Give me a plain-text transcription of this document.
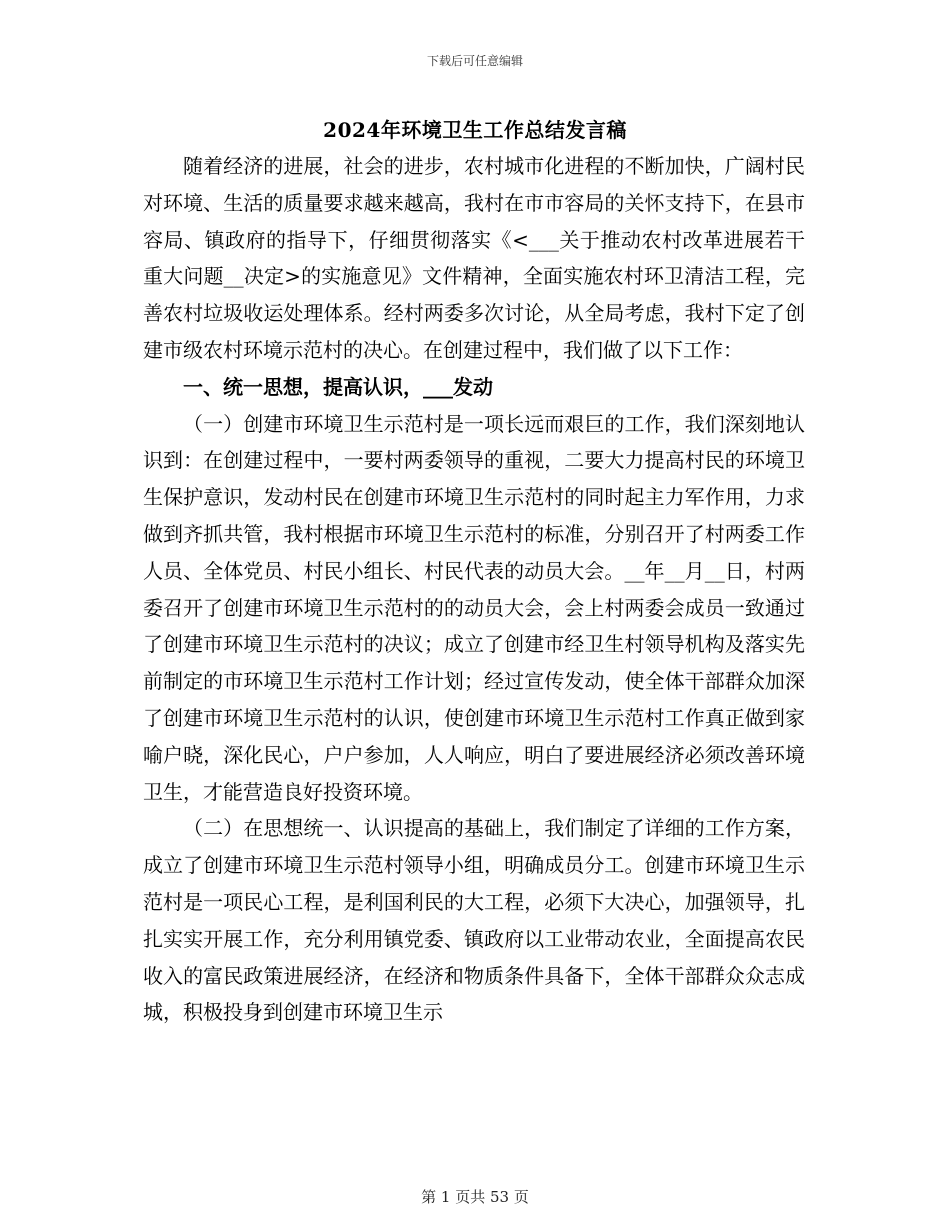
下载后可任意编辑
2024年环境卫生工作总结发言稿

随着经济的进展，社会的进步，农村城市化进程的不断加快，广阔村民对环境、生活的质量要求越来越高，我村在市市容局的关怀支持下，在县市容局、镇政府的指导下，仔细贯彻落实《<___关于推动农村改革进展若干重大问题__决定>的实施意见》文件精神，全面实施农村环卫清洁工程，完善农村垃圾收运处理体系。经村两委多次讨论，从全局考虑，我村下定了创建市级农村环境示范村的决心。在创建过程中，我们做了以下工作：

一、统一思想，提高认识，___发动

（一）创建市环境卫生示范村是一项长远而艰巨的工作，我们深刻地认识到：在创建过程中，一要村两委领导的重视，二要大力提高村民的环境卫生保护意识，发动村民在创建市环境卫生示范村的同时起主力军作用，力求做到齐抓共管，我村根据市环境卫生示范村的标准，分别召开了村两委工作人员、全体党员、村民小组长、村民代表的动员大会。__年__月__日，村两委召开了创建市环境卫生示范村的的动员大会，会上村两委会成员一致通过了创建市环境卫生示范村的决议；成立了创建市经卫生村领导机构及落实先前制定的市环境卫生示范村工作计划；经过宣传发动，使全体干部群众加深了创建市环境卫生示范村的认识，使创建市环境卫生示范村工作真正做到家喻户晓，深化民心，户户参加，人人响应，明白了要进展经济必须改善环境卫生，才能营造良好投资环境。

（二）在思想统一、认识提高的基础上，我们制定了详细的工作方案，成立了创建市环境卫生示范村领导小组，明确成员分工。创建市环境卫生示范村是一项民心工程，是利国利民的大工程，必须下大决心，加强领导，扎扎实实开展工作，充分利用镇党委、镇政府以工业带动农业，全面提高农民收入的富民政策进展经济，在经济和物质条件具备下，全体干部群众众志成城，积极投身到创建市环境卫生示

第 1 页共 53 页
